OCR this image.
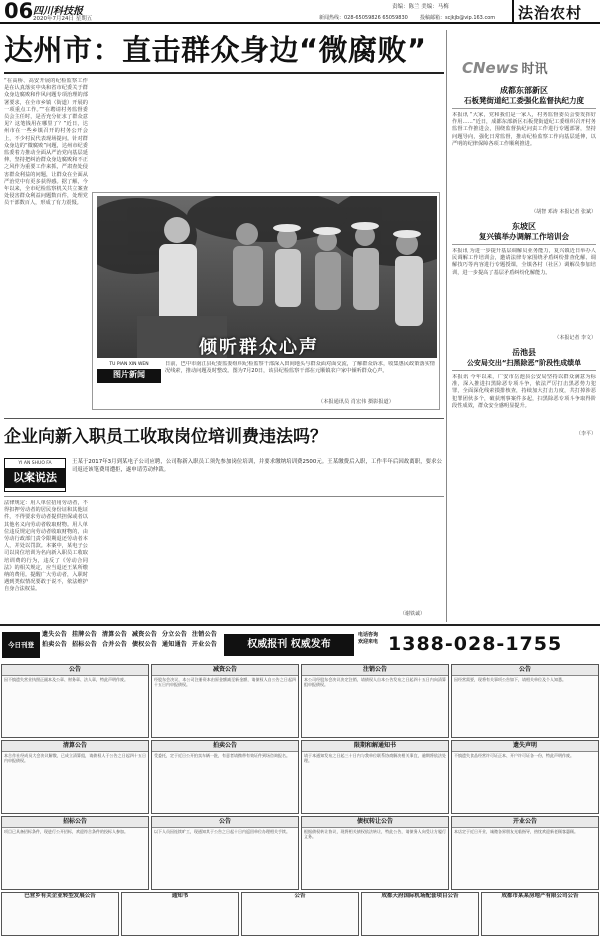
06 四川科技报
2020年7月24日 星期五
责编：陈兰 美编：马梅
新闻热线：028-65059826 65059830 投稿邮箱：scjkjb@vip.163.com 法治农村
达州市：直击群众身边“微腐败”
“在高桥、高安开展的纪检监察工作是在认真落实中央和省市纪委关于群众身边腐败和作风问题专项治理的部署要求，在全市乡镇（街道）开展的一项重点工作。”“在聘请村务监督委员会主任时，是否充分征求了群众意见？这笔钱用在哪里了？”近日，达州市在一些乡镇召开的村务公开会上，不少村民代表现场提问。针对群众身边的“微腐败”问题，达州市纪委监委着力推动全面从严治党向基层延伸，坚持把纠治群众身边腐败和不正之风作为重要工作来抓，严肃查处侵害群众利益的问题，让群众在全面从严治党中有更多获得感。据了解，今年以来，全市纪检监察机关共立案查处侵害群众利益问题数百件，处理党员干部数百人，形成了有力震慑。
倾听群众心声
TU PIAN XIN WEN
图片新闻
日前，巴中市南江县纪委监委组织纪检监察干部深入田间地头与群众面对面交流，了解群众诉求，收集惠民政策落实情况线索，推动问题及时整改。图为7月20日，该县纪检监察干部在元顺镇农户家中倾听群众心声。
（本报通讯员 肖宏伟 摄影报道）
CNews 时讯
成都东部新区
石板凳街道纪工委强化监督执纪力度
本报讯 “大家，党和我们是一家人，村务监督委员会要发挥好作用……”近日，成都东部新区石板凳街道纪工委组织召开村务监督工作推进会，围绕监督执纪问责工作进行专题部署，坚持问题导向，强化日常监督，推动纪检监察工作向基层延伸，以严明的纪律保障各项工作顺利推进。
（胡智 邓涛 本报记者 张斌）
东坡区
复兴镇举办调解工作培训会
本报讯 为进一步提升基层调解员业务能力，复兴镇近日举办人民调解工作培训会，邀请法律专家围绕矛盾纠纷排查化解、调解技巧等内容进行专题授课，全镇各村（社区）调解员参加培训，进一步提高了基层矛盾纠纷化解能力。
（本报记者 李文）
岳池县
公安局交出“扫黑除恶”阶段性成绩单
本报讯 今年以来，广安市岳池县公安局坚持以群众满意为标准，深入推进扫黑除恶专项斗争，依法严厉打击黑恶势力犯罪，全面深化线索摸排核查，持续加大打击力度，共打掉涉恶犯罪团伙多个，破获刑事案件多起，扫黑除恶专项斗争取得阶段性成效，群众安全感明显提升。
（李平）
企业向新入职员工收取岗位培训费违法吗？
YI AN SHUO FA
以案说法
王某于2017年3月到某电子公司应聘，公司称新入职员工须先参加岗位培训，并要求缴纳培训费2500元。王某缴费后入职，工作半年后因故离职，要求公司返还该笔费用遭拒，遂申请劳动仲裁。
法律规定：用人单位招用劳动者，不得扣押劳动者的居民身份证和其他证件，不得要求劳动者提供担保或者以其他名义向劳动者收取财物。用人单位违反规定向劳动者收取财物的，由劳动行政部门责令限期退还劳动者本人，并处以罚款。本案中，某电子公司以岗位培训为名向新入职员工收取培训费的行为，违反了《劳动合同法》的相关规定，应当退还王某所缴纳的费用。提醒广大劳动者，入职时遇到类似情况要敢于说不，依法维护自身合法权益。
（谢铁诚）
今日刊登
遗失公告 挂牌公告 清算公告 减资公告 分立公告 注销公告拍卖公告 招标公告 合并公告 债权公告 通知通告 开业公告	权威报刊 权威发布
电话咨询 欢迎来电 1388-028-1755
公告
因不慎遗失营业执照正副本及公章、财务章、法人章，特此声明作废。
减资公告
经股东会决议，本公司注册资本由原金额减至新金额，请债权人自公告之日起四十五日内申报债权。
注销公告
本公司经股东会决议决定注销，请债权人自本公告发布之日起四十五日内向清算组申报债权。
公告
因经营需要，现将有关事项公告如下，请相关单位及个人知悉。
清算公告
本合作社经成员大会决议解散，已成立清算组，请债权人于公告之日起四十五日内申报债权。
拍卖公告
受委托，定于近日公开拍卖车辆一批，有意者请携带有效证件到场咨询报名。
限期和解通知书
请于本通知发布之日起三十日内与我单位联系协商解决相关事宜，逾期将依法处理。
遗失声明
不慎遗失食品经营许可证正本、开户许可证各一份，特此声明作废。
招标公告
项目已具备招标条件，现进行公开招标，欢迎符合条件的投标人参加。
公告
以下人员因连续旷工，现通知其于公告之日起十日内返回单位办理相关手续。
债权转让公告
根据债权转让协议，现将相关债权依法转让，特此公告，请债务人向受让方履行义务。
开业公告
本店定于近日开业，诚邀各界朋友光临指导，热忱欢迎新老顾客惠顾。
巴营乡有关企业转型发展公告	通知书	公告	成都天府国际机场配套项目公告	成都市某某房地产有限公司公告
